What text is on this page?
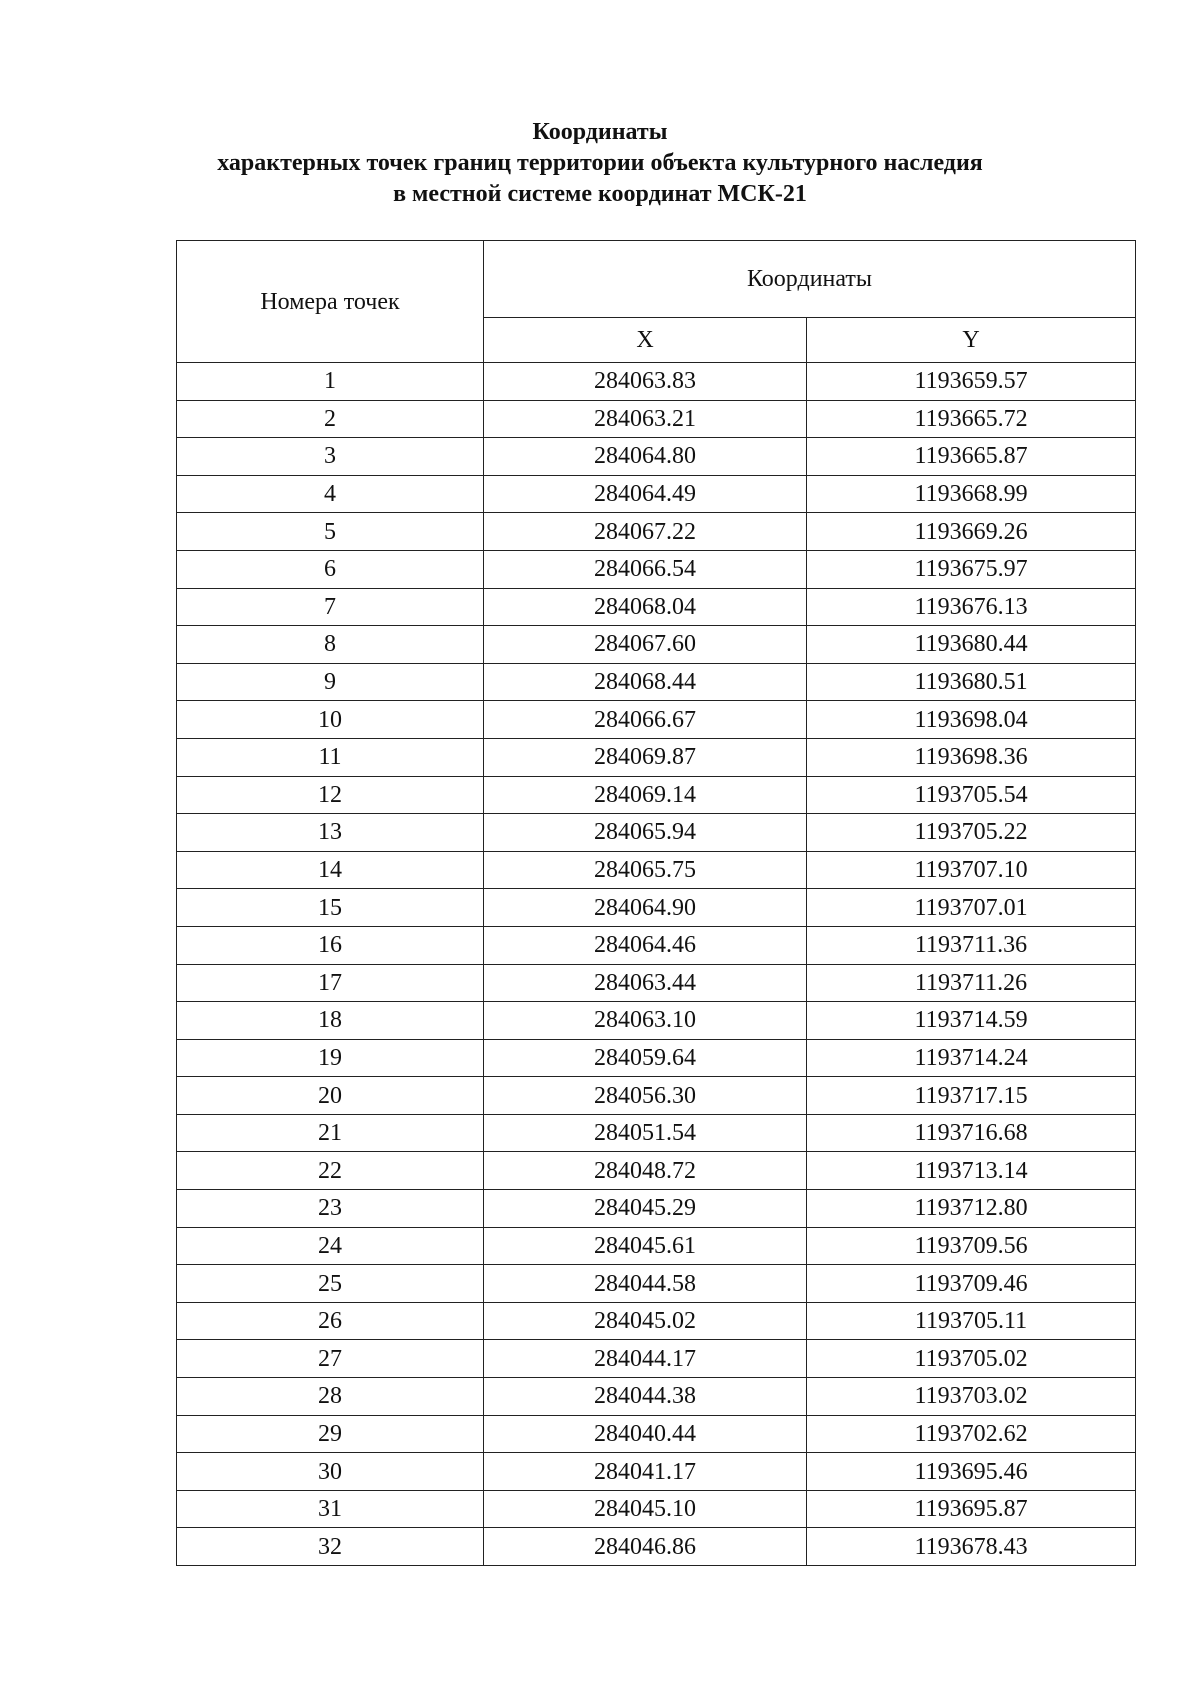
Координаты
характерных точек границ территории объекта культурного наследия
в местной системе координат МСК-21
Номера точек	Координаты	
	X	Y
1	284063.83	1193659.57
2	284063.21	1193665.72
3	284064.80	1193665.87
4	284064.49	1193668.99
5	284067.22	1193669.26
6	284066.54	1193675.97
7	284068.04	1193676.13
8	284067.60	1193680.44
9	284068.44	1193680.51
10	284066.67	1193698.04
11	284069.87	1193698.36
12	284069.14	1193705.54
13	284065.94	1193705.22
14	284065.75	1193707.10
15	284064.90	1193707.01
16	284064.46	1193711.36
17	284063.44	1193711.26
18	284063.10	1193714.59
19	284059.64	1193714.24
20	284056.30	1193717.15
21	284051.54	1193716.68
22	284048.72	1193713.14
23	284045.29	1193712.80
24	284045.61	1193709.56
25	284044.58	1193709.46
26	284045.02	1193705.11
27	284044.17	1193705.02
28	284044.38	1193703.02
29	284040.44	1193702.62
30	284041.17	1193695.46
31	284045.10	1193695.87
32	284046.86	1193678.43
